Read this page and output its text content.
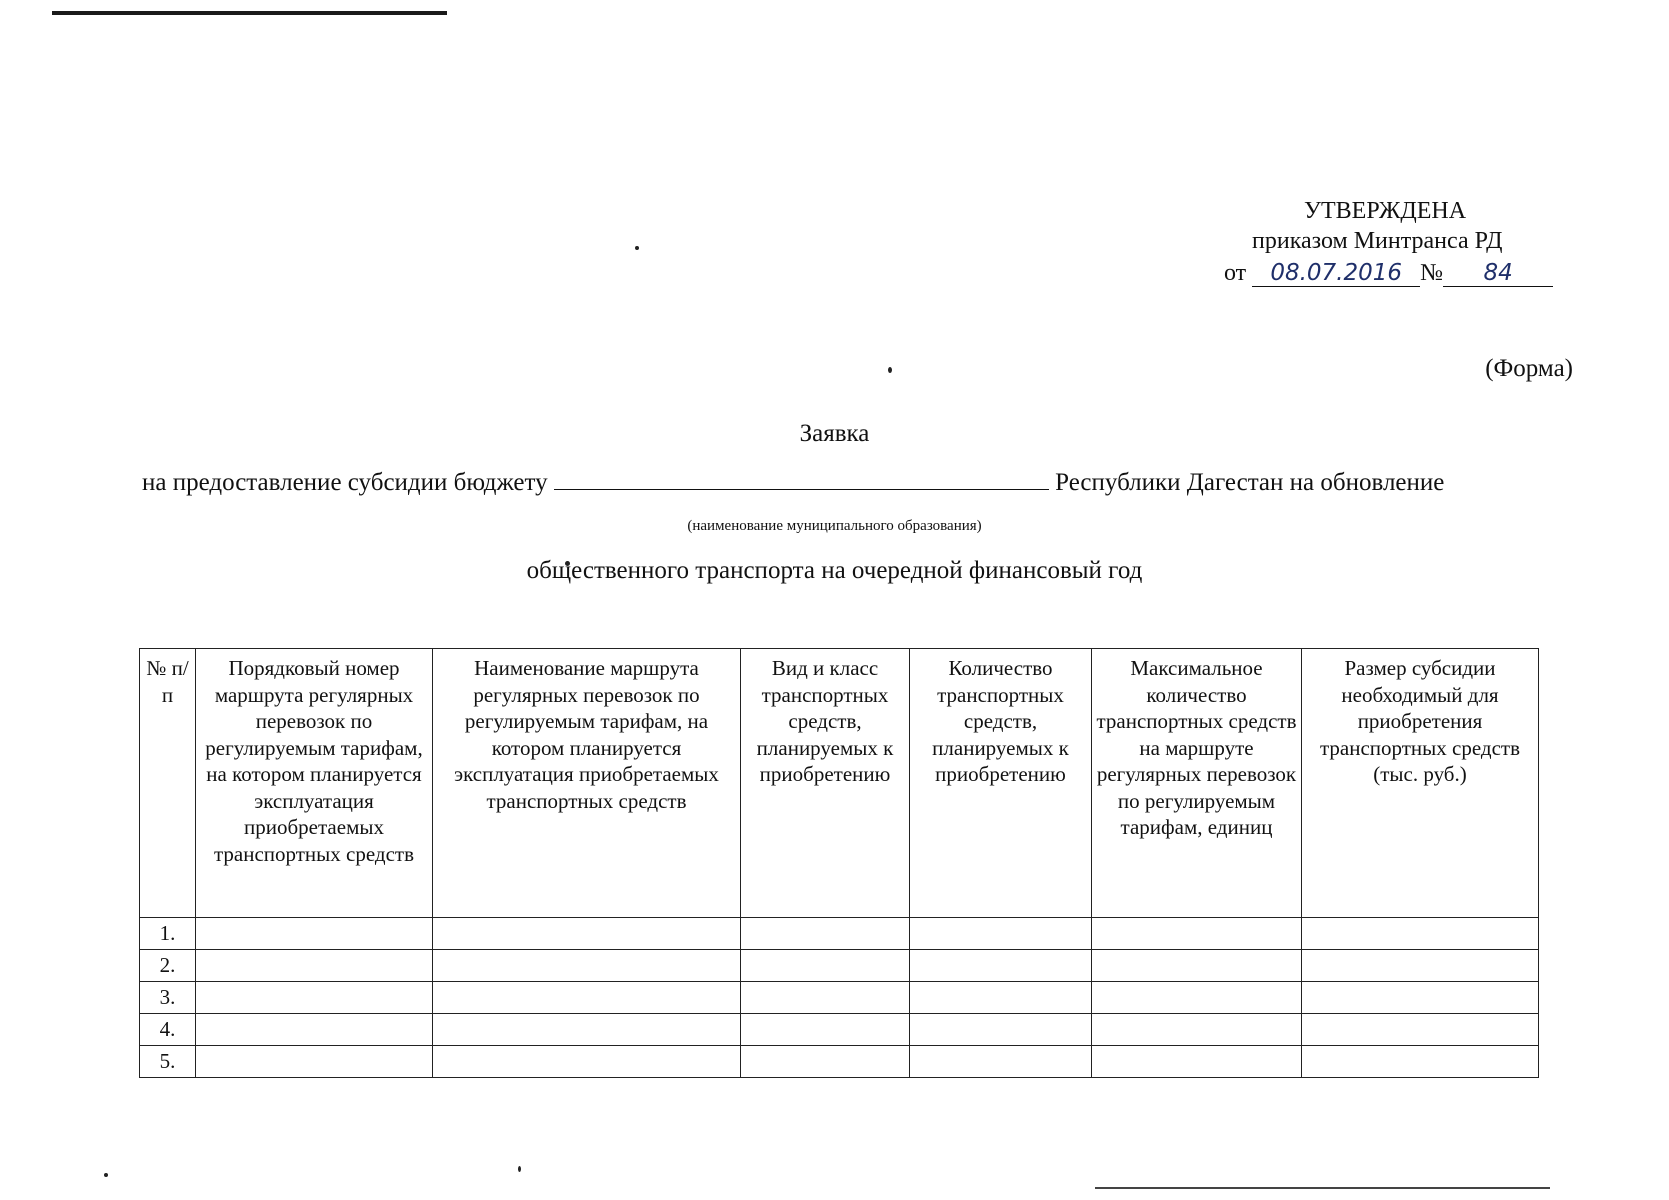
УТВЕРЖДЕНА
приказом Минтранса РД
от 08.07.2016 № 84
(Форма)
Заявка
на предоставление субсидии бюджету	Республики Дагестан на обновление
(наименование муниципального образования)
общественного транспорта на очередной финансовый год
№ п/п	Порядковый номер маршрута регулярных перевозок по регулируемым тарифам, на котором планируется эксплуатация приобретаемых транспортных средств	Наименование маршрута регулярных перевозок по регулируемым тарифам, на котором планируется эксплуатация приобретаемых транспортных средств	Вид и класс транспортных средств, планируемых к приобретению	Количество транспортных средств, планируемых к приобретению	Максимальное количество транспортных средств на маршруте регулярных перевозок по регулируемым тарифам, единиц	Размер субсидии необходимый для приобретения транспортных средств (тыс. руб.)
1.						
2.						
3.						
4.						
5.						
